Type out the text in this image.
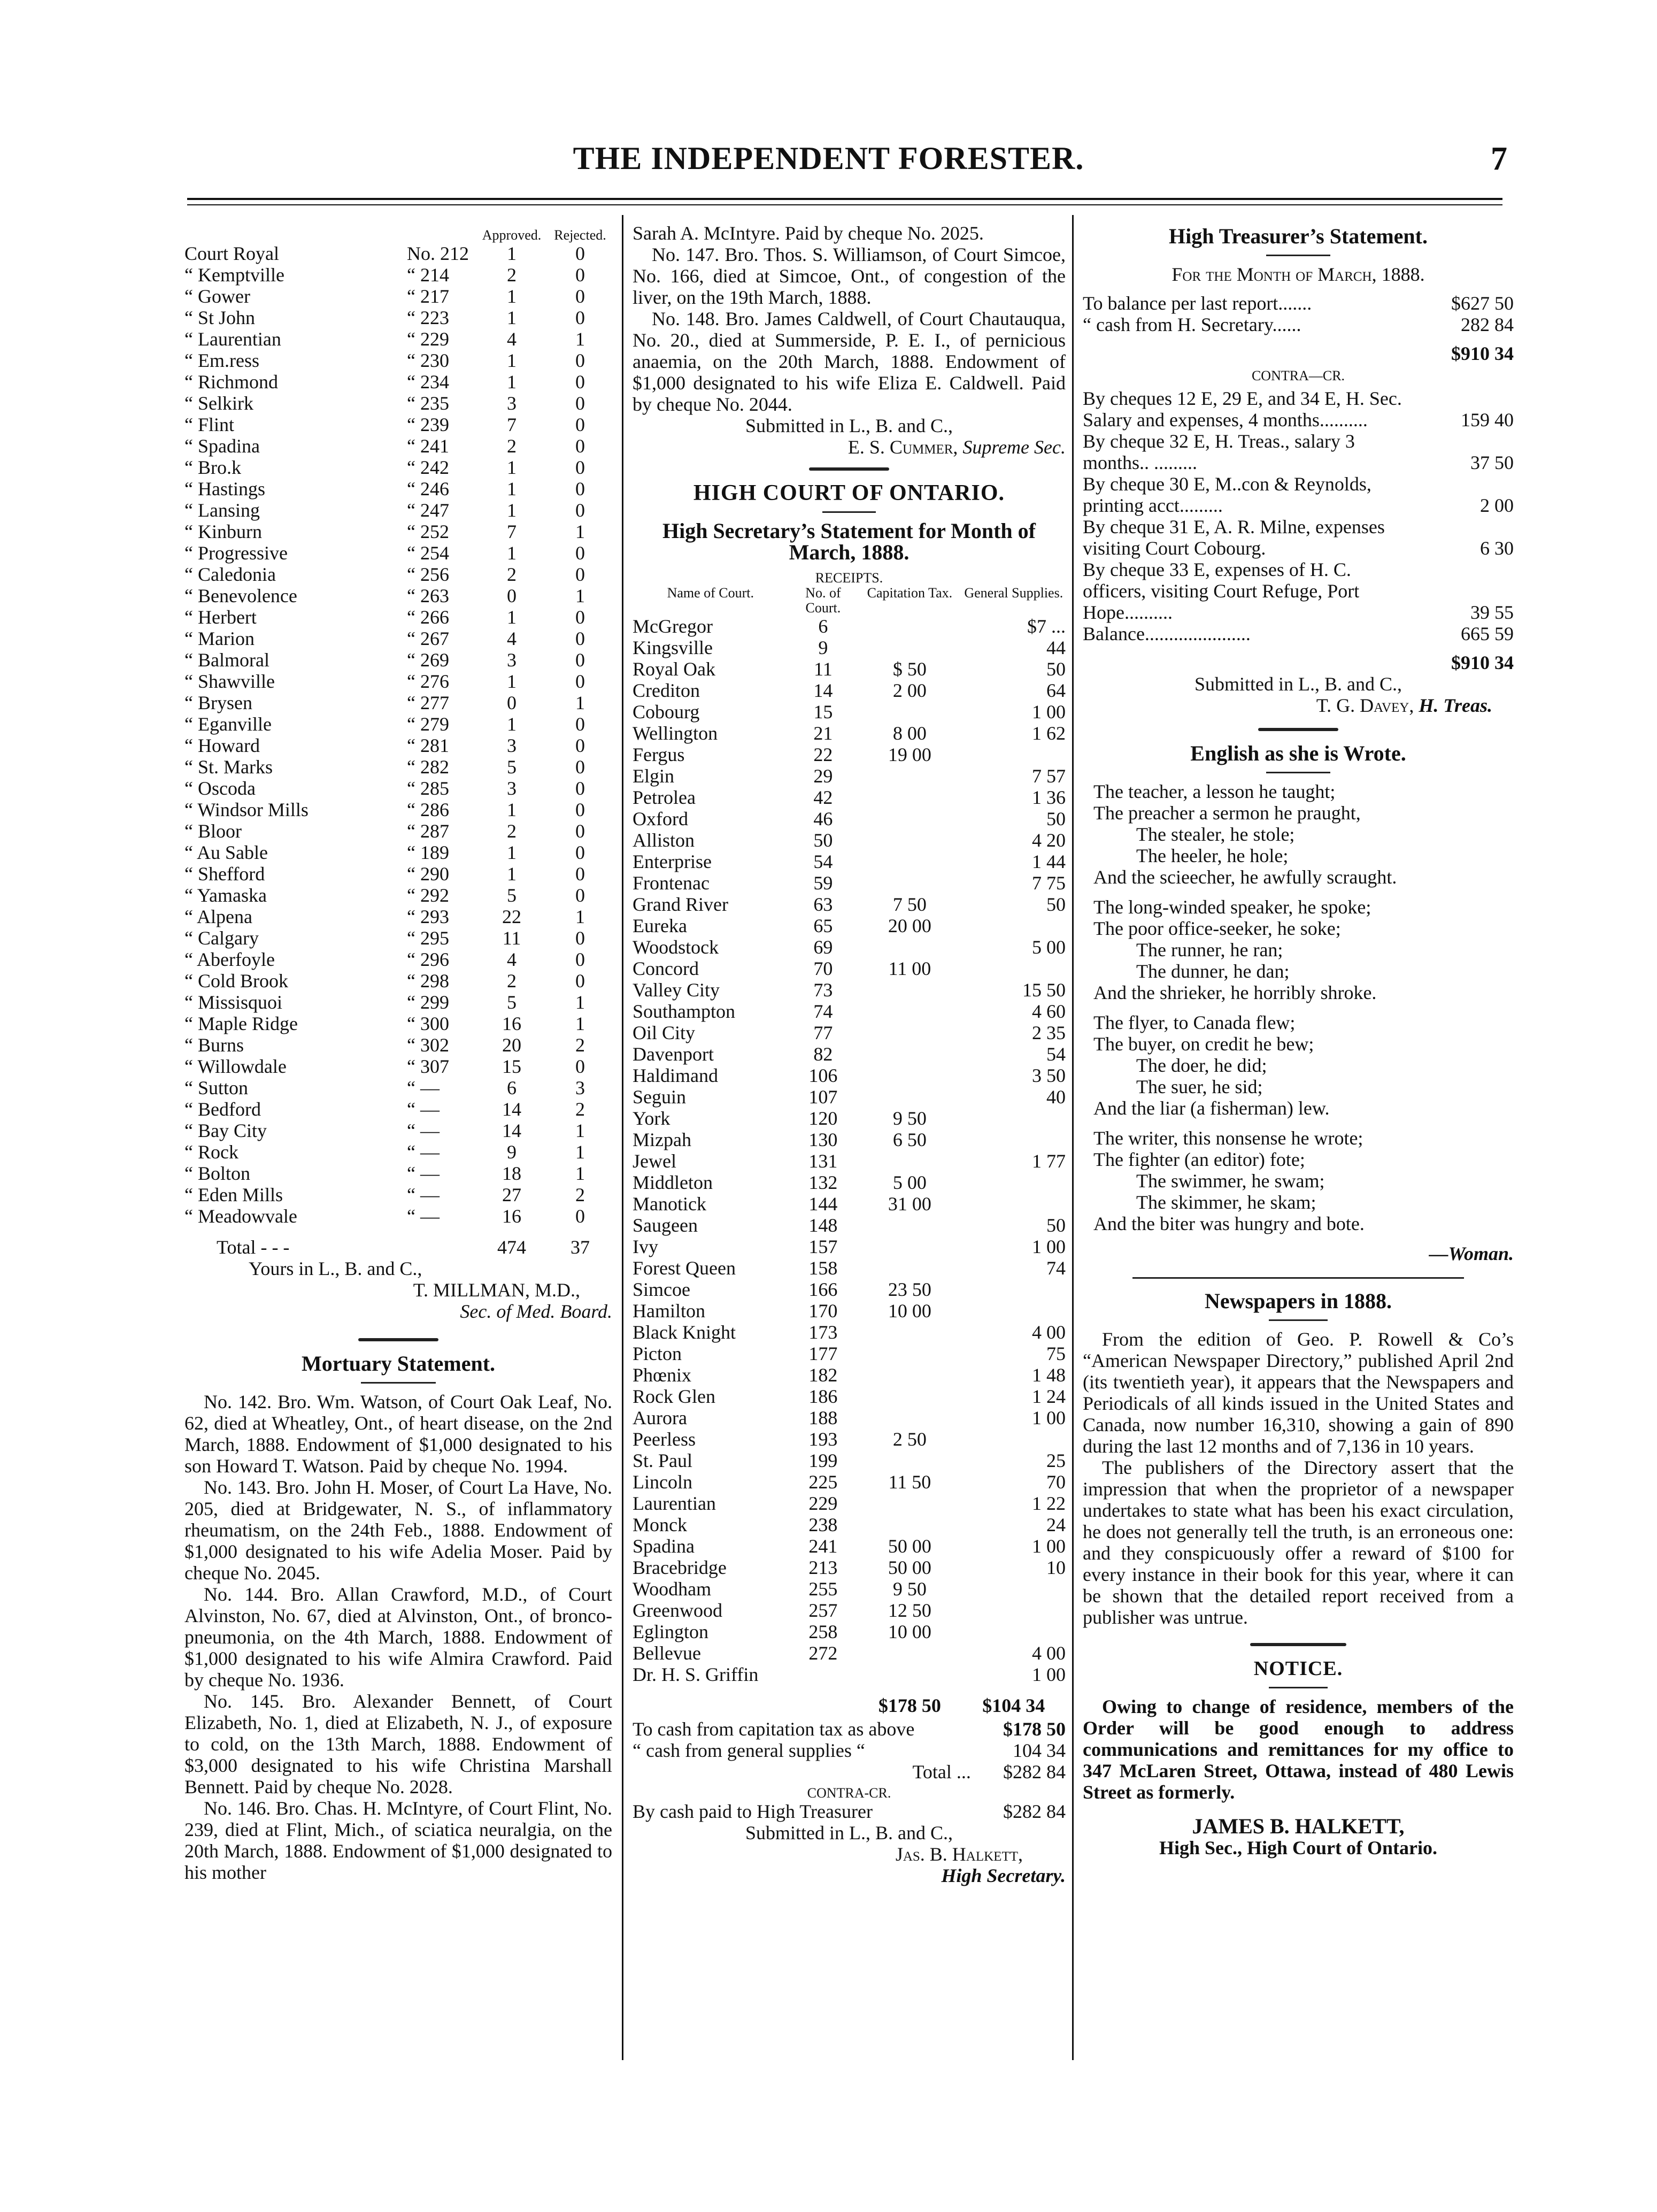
THE INDEPENDENT FORESTER.	7
		Approved.	Rejected.
Court Royal	No. 212	1	0
“ Kemptville	“ 214	2	0
“ Gower	“ 217	1	0
“ St John	“ 223	1	0
“ Laurentian	“ 229	4	1
“ Em.ress	“ 230	1	0
“ Richmond	“ 234	1	0
“ Selkirk	“ 235	3	0
“ Flint	“ 239	7	0
“ Spadina	“ 241	2	0
“ Bro.k	“ 242	1	0
“ Hastings	“ 246	1	0
“ Lansing	“ 247	1	0
“ Kinburn	“ 252	7	1
“ Progressive	“ 254	1	0
“ Caledonia	“ 256	2	0
“ Benevolence	“ 263	0	1
“ Herbert	“ 266	1	0
“ Marion	“ 267	4	0
“ Balmoral	“ 269	3	0
“ Shawville	“ 276	1	0
“ Brysen	“ 277	0	1
“ Eganville	“ 279	1	0
“ Howard	“ 281	3	0
“ St. Marks	“ 282	5	0
“ Oscoda	“ 285	3	0
“ Windsor Mills	“ 286	1	0
“ Bloor	“ 287	2	0
“ Au Sable	“ 189	1	0
“ Shefford	“ 290	1	0
“ Yamaska	“ 292	5	0
“ Alpena	“ 293	22	1
“ Calgary	“ 295	11	0
“ Aberfoyle	“ 296	4	0
“ Cold Brook	“ 298	2	0
“ Missisquoi	“ 299	5	1
“ Maple Ridge	“ 300	16	1
“ Burns	“ 302	20	2
“ Willowdale	“ 307	15	0
“ Sutton	“ —	6	3
“ Bedford	“ —	14	2
“ Bay City	“ —	14	1
“ Rock	“ —	9	1
“ Bolton	“ —	18	1
“ Eden Mills	“ —	27	2
“ Meadowvale	“ —	16	0

Total - - -		474	37
Yours in L., B. and C.,
T. MILLMAN, M.D.,
Sec. of Med. Board.
Mortuary Statement.

No. 142. Bro. Wm. Watson, of Court Oak Leaf, No. 62, died at Wheatley, Ont., of heart disease, on the 2nd March, 1888. Endowment of $1,000 designated to his son Howard T. Watson. Paid by cheque No. 1994.

No. 143. Bro. John H. Moser, of Court La Have, No. 205, died at Bridgewater, N. S., of inflammatory rheumatism, on the 24th Feb., 1888. Endowment of $1,000 designated to his wife Adelia Moser. Paid by cheque No. 2045.

No. 144. Bro. Allan Crawford, M.D., of Court Alvinston, No. 67, died at Alvinston, Ont., of bronco-pneumonia, on the 4th March, 1888. Endowment of $1,000 designated to his wife Almira Crawford. Paid by cheque No. 1936.

No. 145. Bro. Alexander Bennett, of Court Elizabeth, No. 1, died at Elizabeth, N. J., of exposure to cold, on the 13th March, 1888. Endowment of $3,000 designated to his wife Christina Marshall Bennett. Paid by cheque No. 2028.

No. 146. Bro. Chas. H. McIntyre, of Court Flint, No. 239, died at Flint, Mich., of sciatica neuralgia, on the 20th March, 1888. Endowment of $1,000 designated to his mother

Sarah A. McIntyre. Paid by cheque No. 2025.

No. 147. Bro. Thos. S. Williamson, of Court Simcoe, No. 166, died at Simcoe, Ont., of congestion of the liver, on the 19th March, 1888.

No. 148. Bro. James Caldwell, of Court Chautauqua, No. 20., died at Summerside, P. E. I., of pernicious anaemia, on the 20th March, 1888. Endowment of $1,000 designated to his wife Eliza E. Caldwell. Paid by cheque No. 2044.

Submitted in L., B. and C.,
E. S. Cummer, Supreme Sec.
HIGH COURT OF ONTARIO.
High Secretary’s Statement for Month of March, 1888.
RECEIPTS.
Name of Court.	No. of Court.	Capitation Tax.	General Supplies.
McGregor	6		$7 ...
Kingsville	9		44
Royal Oak	11	$ 50	50
Crediton	14	2 00	64
Cobourg	15		1 00
Wellington	21	8 00	1 62
Fergus	22	19 00	
Elgin	29		7 57
Petrolea	42		1 36
Oxford	46		50
Alliston	50		4 20
Enterprise	54		1 44
Frontenac	59		7 75
Grand River	63	7 50	50
Eureka	65	20 00	
Woodstock	69		5 00
Concord	70	11 00	
Valley City	73		15 50
Southampton	74		4 60
Oil City	77		2 35
Davenport	82		54
Haldimand	106		3 50
Seguin	107		40
York	120	9 50	
Mizpah	130	6 50	
Jewel	131		1 77
Middleton	132	5 00	
Manotick	144	31 00	
Saugeen	148		50
Ivy	157		1 00
Forest Queen	158		74
Simcoe	166	23 50	
Hamilton	170	10 00	
Black Knight	173		4 00
Picton	177		75
Phœnix	182		1 48
Rock Glen	186		1 24
Aurora	188		1 00
Peerless	193	2 50	
St. Paul	199		25
Lincoln	225	11 50	70
Laurentian	229		1 22
Monck	238		24
Spadina	241	50 00	1 00
Bracebridge	213	50 00	10
Woodham	255	9 50	
Greenwood	257	12 50	
Eglington	258	10 00	
Bellevue	272		4 00
Dr. H. S. Griffin			1 00

		$178 50	$104 34
To cash from capitation tax as above	$178 50
“ cash from general supplies “	104 34
Total ...	$282 84
CONTRA-CR.
By cash paid to High Treasurer	$282 84
Submitted in L., B. and C.,
Jas. B. Halkett,
High Secretary.
High Treasurer’s Statement.
For the Month of March, 1888.
To balance per last report.......	$627 50
“ cash from H. Secretary......	282 84
$910 34
CONTRA—CR.
By cheques 12 E, 29 E, and 34 E, H. Sec. Salary and expenses, 4 months..........	159 40
By cheque 32 E, H. Treas., salary 3 months.. .........	37 50
By cheque 30 E, M..con & Reynolds, printing acct.........	2 00
By cheque 31 E, A. R. Milne, expenses visiting Court Cobourg.	6 30
By cheque 33 E, expenses of H. C. officers, visiting Court Refuge, Port Hope..........	39 55
Balance......................	665 59
$910 34
Submitted in L., B. and C.,
T. G. Davey, H. Treas.
English as she is Wrote.
The teacher, a lesson he taught;
The preacher a sermon he praught,
The stealer, he stole;
The heeler, he hole;
And the scieecher, he awfully scraught.
The long-winded speaker, he spoke;
The poor office-seeker, he soke;
The runner, he ran;
The dunner, he dan;
And the shrieker, he horribly shroke.
The flyer, to Canada flew;
The buyer, on credit he bew;
The doer, he did;
The suer, he sid;
And the liar (a fisherman) lew.
The writer, this nonsense he wrote;
The fighter (an editor) fote;
The swimmer, he swam;
The skimmer, he skam;
And the biter was hungry and bote.
—Woman.
Newspapers in 1888.

From the edition of Geo. P. Rowell & Co’s “American Newspaper Directory,” published April 2nd (its twentieth year), it appears that the Newspapers and Periodicals of all kinds issued in the United States and Canada, now number 16,310, showing a gain of 890 during the last 12 months and of 7,136 in 10 years.

The publishers of the Directory assert that the impression that when the proprietor of a newspaper undertakes to state what has been his exact circulation, he does not generally tell the truth, is an erroneous one: and they conspicuously offer a reward of $100 for every instance in their book for this year, where it can be shown that the detailed report received from a publisher was untrue.

NOTICE.

Owing to change of residence, members of the Order will be good enough to address communications and remittances for my office to 347 McLaren Street, Ottawa, instead of 480 Lewis Street as formerly.

JAMES B. HALKETT,
High Sec., High Court of Ontario.
